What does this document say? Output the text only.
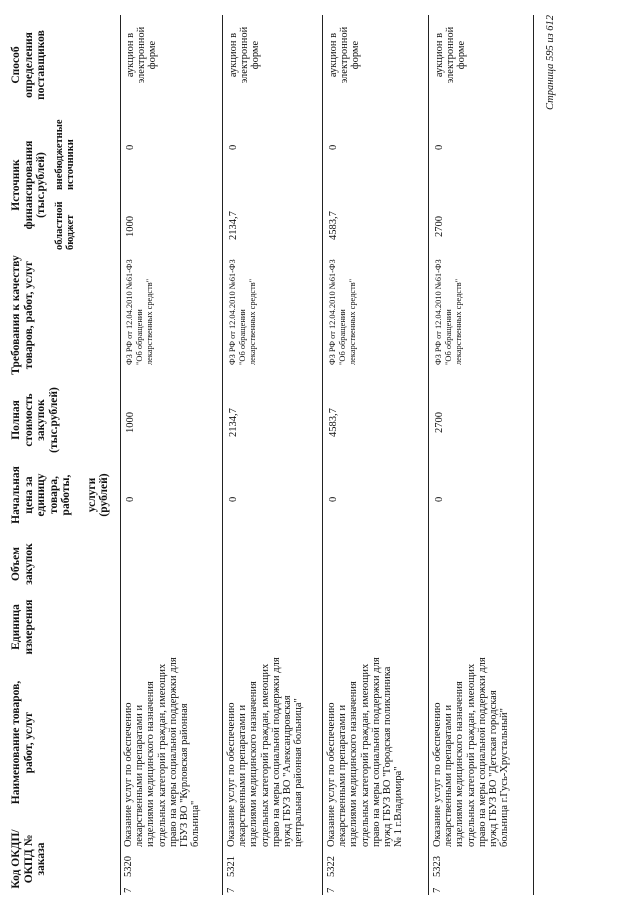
Код ОКДП/ ОКПД № заказа
Наименование товаров, работ, услуг
Единица измерения
Объем закупок
Начальная цена за единицу товара, работы, услуги (рублей)
Полная стоимость закупок (тыс.рублей)
Требования к качеству товаров, работ, услуг
Источник финансирования (тыс.рублей)
областной бюджет
внебюджетные источники
Способ определения поставщиков
7
5320
Оказание услуг по обеспечению лекарственными препаратами и изделиями медицинского назначения отдельных категорий граждан, имеющих право на меры социальной поддержки для ГБУЗ ВО "Курловская районная больница"
0
1000
ФЗ РФ от 12.04.2010 №61-ФЗ "Об обращении лекарственных средств"
1000
0
аукцион в электронной форме
7
5321
Оказание услуг по обеспечению лекарственными препаратами и изделиями медицинского назначения отдельных категорий граждан, имеющих право на меры социальной поддержки для нужд ГБУЗ ВО "Александровская центральная районная больница"
0
2134,7
ФЗ РФ от 12.04.2010 №61-ФЗ "Об обращении лекарственных средств"
2134,7
0
аукцион в электронной форме
7
5322
Оказание услуг по обеспечению лекарственными препаратами и изделиями медицинского назначения отдельных категорий граждан, имеющих право на меры социальной поддержки для нужд ГБУЗ ВО "Городская поликлиника № 1 г.Владимира"
0
4583,7
ФЗ РФ от 12.04.2010 №61-ФЗ "Об обращении лекарственных средств"
4583,7
0
аукцион в электронной форме
7
5323
Оказание услуг по обеспечению лекарственными препаратами и изделиями медицинского назначения отдельных категорий граждан, имеющих право на меры социальной поддержки для нужд ГБУЗ ВО "Детская городская больница г.Гусь-Хрустальный"
0
2700
ФЗ РФ от 12.04.2010 №61-ФЗ "Об обращении лекарственных средств"
2700
0
аукцион в электронной форме	Страница 595 из 612
